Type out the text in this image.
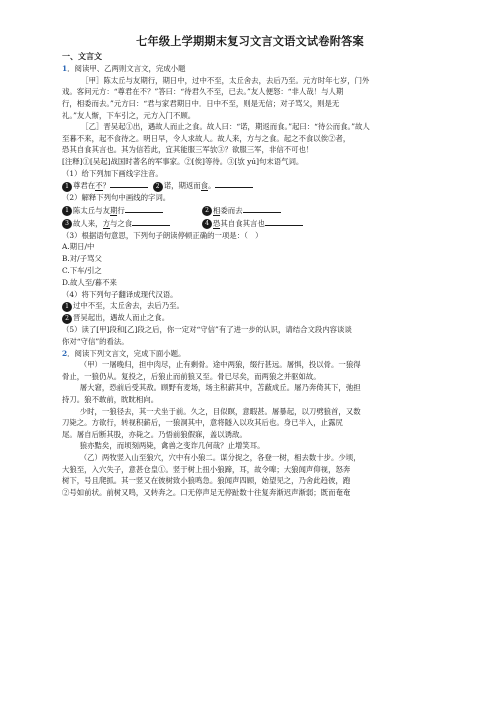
七年级上学期期末复习文言文语文试卷附答案
一、文言文
1．阅读甲、乙两则文言文，完成小题
［甲］陈太丘与友期行，期日中，过中不至，太丘舍去，去后乃至。元方时年七岁，门外
戏。客问元方：“尊君在不？”答曰：“待君久不至，已去。”友人便怒：“非人哉！与人期
行，相委而去。”元方曰：“君与家君期日中．日中不至，则是无信；对子骂父，则是无
礼。”友人惭，下车引之，元方入门不顾。
［乙］晋吴起①出，遇故人而止之食。故人曰：“诺，期返而食。”起曰：“待公而食。”故人
至暮不来，起不食待之。明日早，令人求故人。故人来，方与之食。起之不食以俟②者，
恐其自食其言也。其为信若此，宜其能服三军欤③？欲服三军，非信不可也！
[注释]①[吴起]战国时著名的军事家。②[俟]等待。③[欤 yú]句末语气词。
（1）给下列加下画线字注音。
1 尊君在不？	2 诺，期返而食。
（2）解释下列句中画线的字词。
1 陈太丘与友期行	2 相委而去
3 故人来，方与之食	4 恐其自食其言也
（3）根据语句意思，下列句子朗读停顿正确的一项是：（　）
A.期日/中
B.对/子骂父
C.下车/引之
D.故人至/暮不来
（4）将下列句子翻译成现代汉语。
1 过中不至，太丘舍去，去后乃至。
2 晋吴起出，遇故人而止之食。
（5）读了[甲]段和[乙]段之后，你一定对“守信”有了进一步的认识，请结合文段内容谈谈
你对“守信”的看法。
2．阅读下列文言文，完成下面小题。
（甲）一屠晚归，担中肉尽，止有剩骨。途中两狼，缀行甚远。屠惧，投以骨。一狼得
骨止，一狼仍从。复投之，后狼止而前狼又至。骨已尽矣，而两狼之并驱如故。
屠大窘，恐前后受其敌。顾野有麦场，场主积薪其中，苫蔽成丘。屠乃奔倚其下，弛担
持刀。狼不敢前，眈眈相向。
少时，一狼径去，其一犬坐于前。久之，目似瞑，意暇甚。屠暴起，以刀劈狼首，又数
刀毙之。方欲行，转视积薪后，一狼洞其中，意将隧入以攻其后也。身已半入，止露尻
尾。屠自后断其股，亦毙之。乃悟前狼假寐，盖以诱敌。
狼亦黠矣，而顷刻两毙，禽兽之变诈几何哉？止增笑耳。
（乙）两牧竖入山至狼穴，穴中有小狼二。谋分捉之，各登一树，相去数十步。少顷，
大狼至，入穴失子，意甚仓皇①。竖于树上扭小狼蹄，耳，故令嗥；大狼闻声仰视，怒奔
树下，号且爬抓。其一竖又在彼树致小狼鸣急。狼闻声四顾，始望见之，乃舍此趋彼，跑
②号如前状。前树又鸣，又转奔之。口无停声足无停趾数十往复奔渐迟声渐弱；既而奄奄
